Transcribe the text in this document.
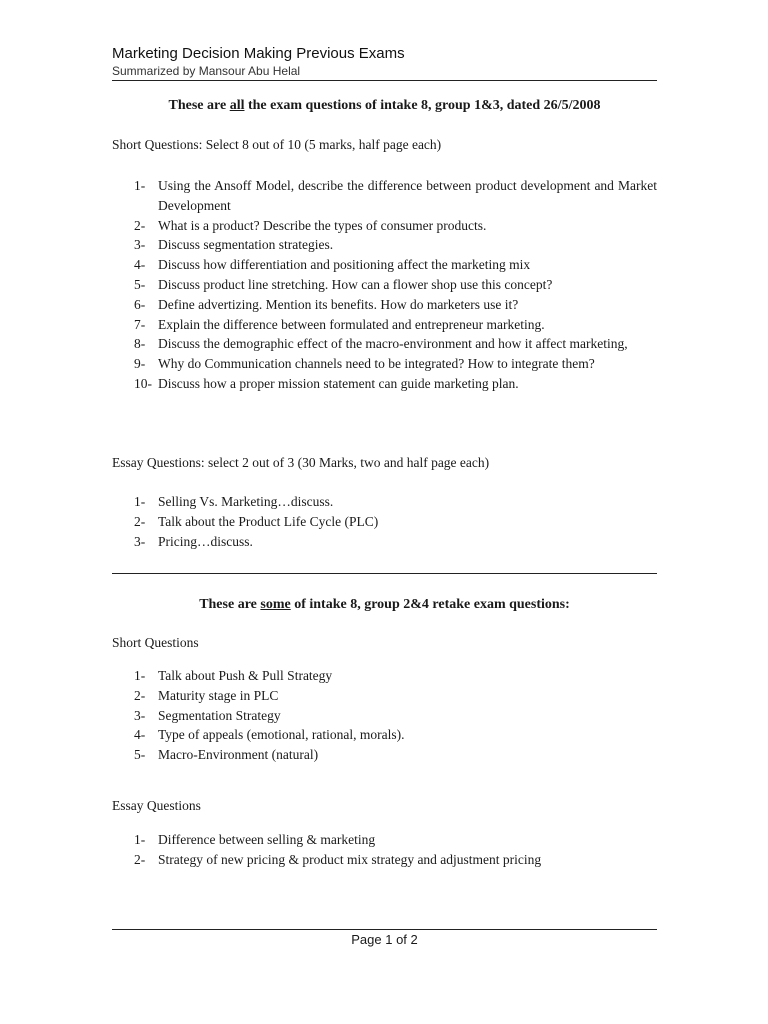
Marketing Decision Making Previous Exams
Summarized by Mansour Abu Helal
These are all the exam questions of intake 8, group 1&3, dated 26/5/2008
Short Questions: Select 8 out of 10 (5 marks, half page each)
1- Using the Ansoff Model, describe the difference between product development and Market Development
2- What is a product? Describe the types of consumer products.
3- Discuss segmentation strategies.
4- Discuss how differentiation and positioning affect the marketing mix
5- Discuss product line stretching. How can a flower shop use this concept?
6- Define advertizing. Mention its benefits. How do marketers use it?
7- Explain the difference between formulated and entrepreneur marketing.
8- Discuss the demographic effect of the macro-environment and how it affect marketing,
9- Why do Communication channels need to be integrated? How to integrate them?
10- Discuss how a proper mission statement can guide marketing plan.
Essay Questions: select 2 out of 3 (30 Marks, two and half page each)
1- Selling Vs. Marketing…discuss.
2- Talk about the Product Life Cycle (PLC)
3- Pricing…discuss.
These are some of intake 8, group 2&4 retake exam questions:
Short Questions
1- Talk about Push & Pull Strategy
2- Maturity stage in PLC
3- Segmentation Strategy
4- Type of appeals (emotional, rational, morals).
5- Macro-Environment (natural)
Essay Questions
1- Difference between selling & marketing
2- Strategy of new pricing & product mix strategy and adjustment pricing
Page 1 of 2
